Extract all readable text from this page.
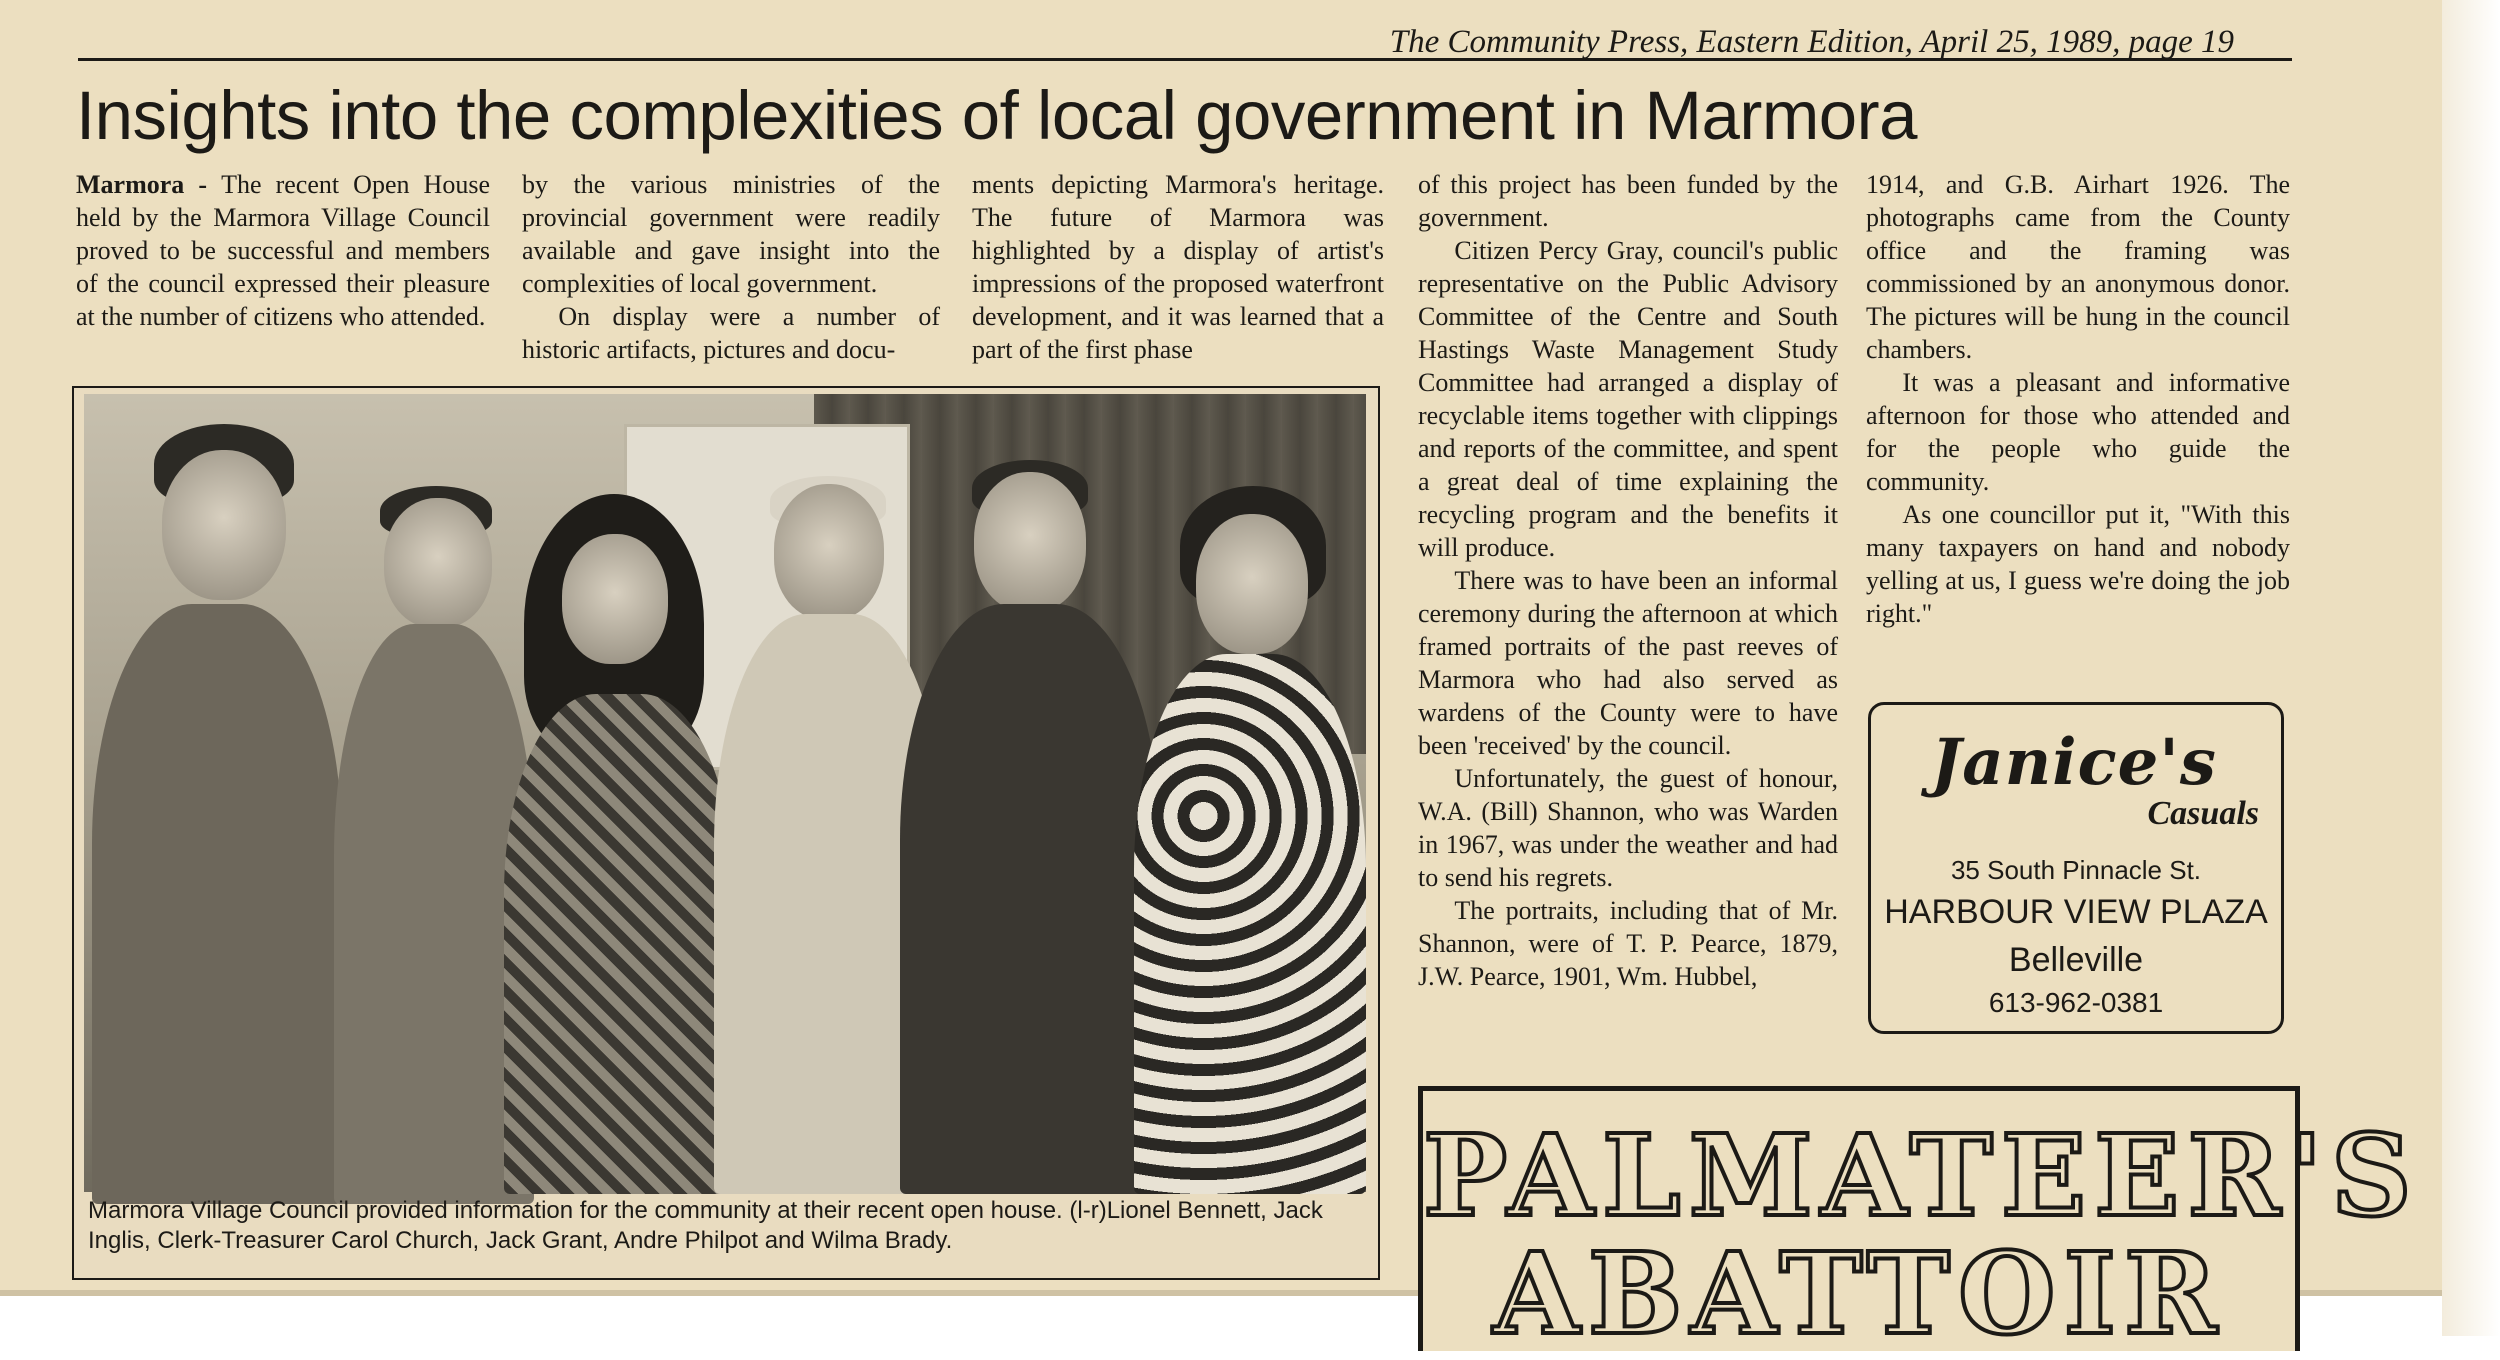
The Community Press, Eastern Edition, April 25, 1989, page 19
Insights into the complexities of local government in Marmora

Marmora - The recent Open House held by the Marmora Village Council proved to be successful and members of the council expressed their pleasure at the number of citizens who attended.

by the various ministries of the provincial government were readily available and gave insight into the complexities of local government.

On display were a number of historic artifacts, pictures and docu-

ments depicting Marmora's heritage. The future of Marmora was highlighted by a display of artist's impressions of the proposed waterfront development, and it was learned that a part of the first phase

of this project has been funded by the government.

Citizen Percy Gray, council's public representative on the Public Advisory Committee of the Centre and South Hastings Waste Management Study Committee had arranged a display of recyclable items together with clippings and reports of the committee, and spent a great deal of time explaining the recycling program and the benefits it will produce.

There was to have been an informal ceremony during the afternoon at which framed portraits of the past reeves of Marmora who had also served as wardens of the County were to have been 'received' by the council.

Unfortunately, the guest of honour, W.A. (Bill) Shannon, who was Warden in 1967, was under the weather and had to send his regrets.

The portraits, including that of Mr. Shannon, were of T. P. Pearce, 1879, J.W. Pearce, 1901, Wm. Hubbel,

1914, and G.B. Airhart 1926. The photographs came from the County office and the framing was commissioned by an anonymous donor. The pictures will be hung in the council chambers.

It was a pleasant and informative afternoon for those who attended and for the people who guide the community.

As one councillor put it, "With this many taxpayers on hand and nobody yelling at us, I guess we're doing the job right."

Marmora Village Council provided information for the community at their recent open house. (l-r)Lionel Bennett, Jack Inglis, Clerk-Treasurer Carol Church, Jack Grant, Andre Philpot and Wilma Brady.
Janice's
Casuals
35 South Pinnacle St.
HARBOUR VIEW PLAZA
Belleville
613-962-0381
PALMATEER'S
ABATTOIR
